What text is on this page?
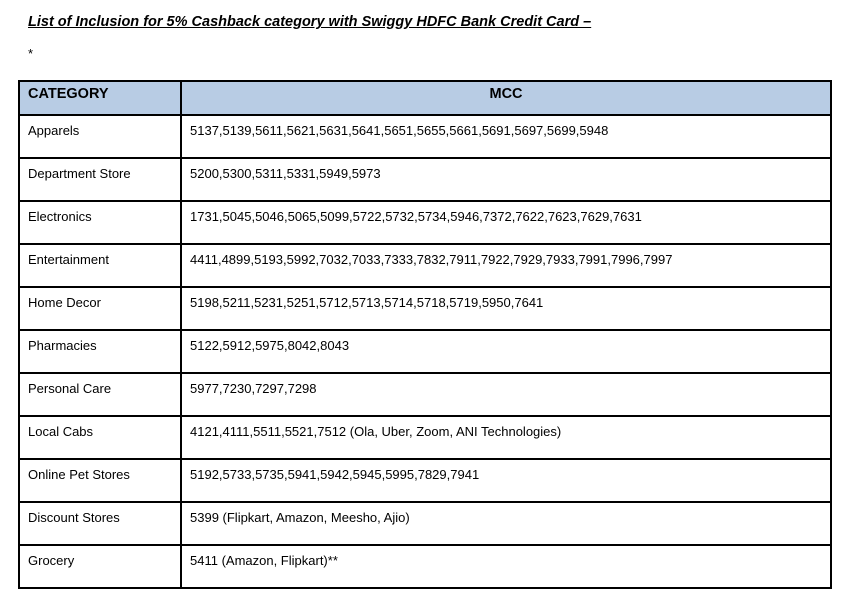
List of Inclusion for 5% Cashback category with Swiggy HDFC Bank Credit Card –
*
CATEGORY	MCC
Apparels	5137,5139,5611,5621,5631,5641,5651,5655,5661,5691,5697,5699,5948
Department Store	5200,5300,5311,5331,5949,5973
Electronics	1731,5045,5046,5065,5099,5722,5732,5734,5946,7372,7622,7623,7629,7631
Entertainment	4411,4899,5193,5992,7032,7033,7333,7832,7911,7922,7929,7933,7991,7996,7997
Home Decor	5198,5211,5231,5251,5712,5713,5714,5718,5719,5950,7641
Pharmacies	5122,5912,5975,8042,8043
Personal Care	5977,7230,7297,7298
Local Cabs	4121,4111,5511,5521,7512 (Ola, Uber, Zoom, ANI Technologies)
Online Pet Stores	5192,5733,5735,5941,5942,5945,5995,7829,7941
Discount Stores	5399 (Flipkart, Amazon, Meesho, Ajio)
Grocery	5411 (Amazon, Flipkart)**
